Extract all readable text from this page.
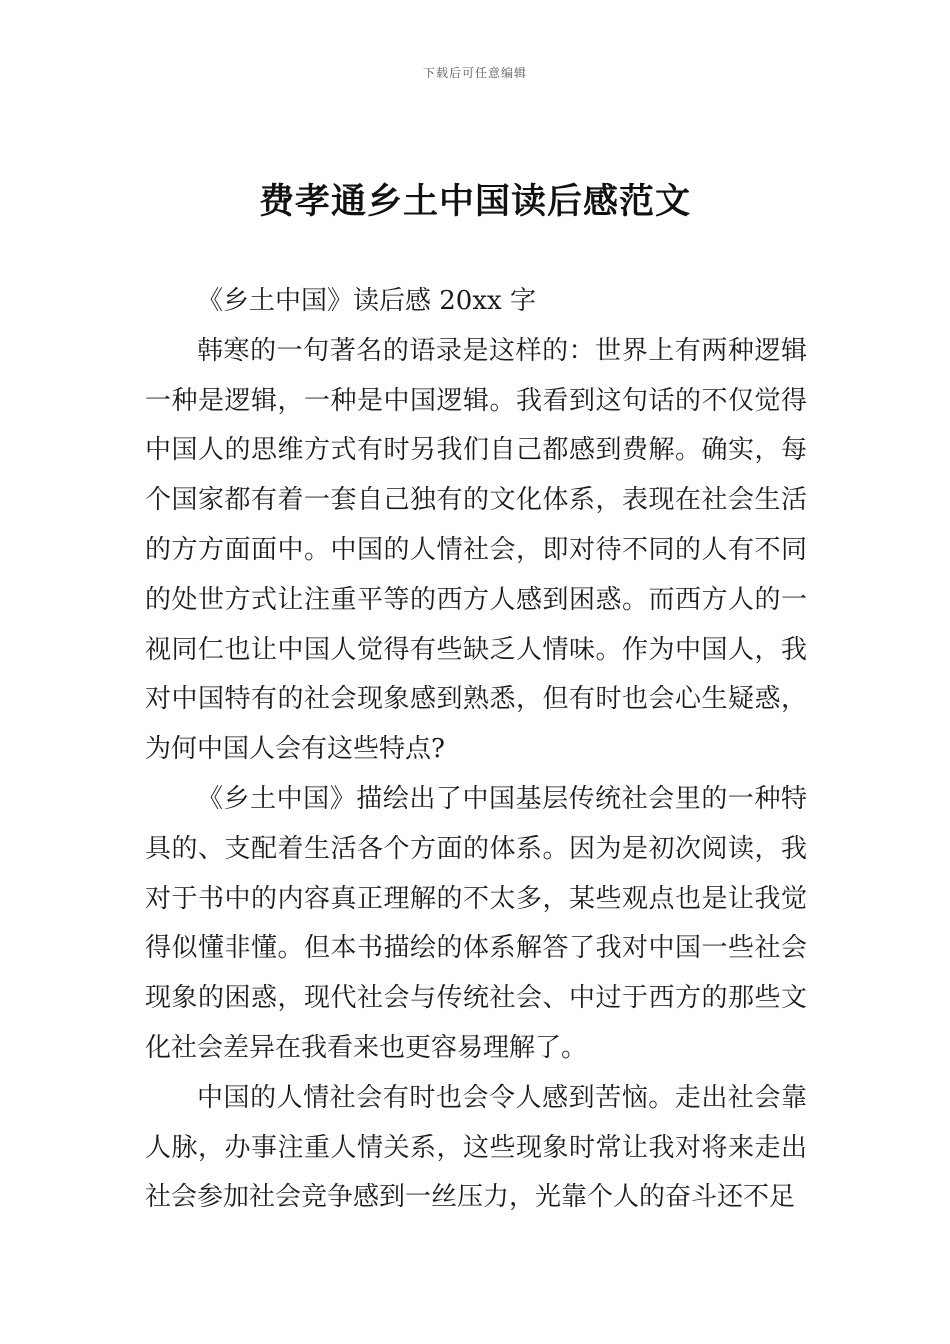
下载后可任意编辑
费孝通乡土中国读后感范文

《乡土中国》读后感 20xx 字

韩寒的一句著名的语录是这样的：世界上有两种逻辑一种是逻辑，一种是中国逻辑。我看到这句话的不仅觉得中国人的思维方式有时另我们自己都感到费解。确实，每个国家都有着一套自己独有的文化体系，表现在社会生活的方方面面中。中国的人情社会，即对待不同的人有不同的处世方式让注重平等的西方人感到困惑。而西方人的一视同仁也让中国人觉得有些缺乏人情味。作为中国人，我对中国特有的社会现象感到熟悉，但有时也会心生疑惑，为何中国人会有这些特点?

《乡土中国》描绘出了中国基层传统社会里的一种特具的、支配着生活各个方面的体系。因为是初次阅读，我对于书中的内容真正理解的不太多，某些观点也是让我觉得似懂非懂。但本书描绘的体系解答了我对中国一些社会现象的困惑，现代社会与传统社会、中过于西方的那些文化社会差异在我看来也更容易理解了。

中国的人情社会有时也会令人感到苦恼。走出社会靠人脉，办事注重人情关系，这些现象时常让我对将来走出社会参加社会竞争感到一丝压力，光靠个人的奋斗还不足
